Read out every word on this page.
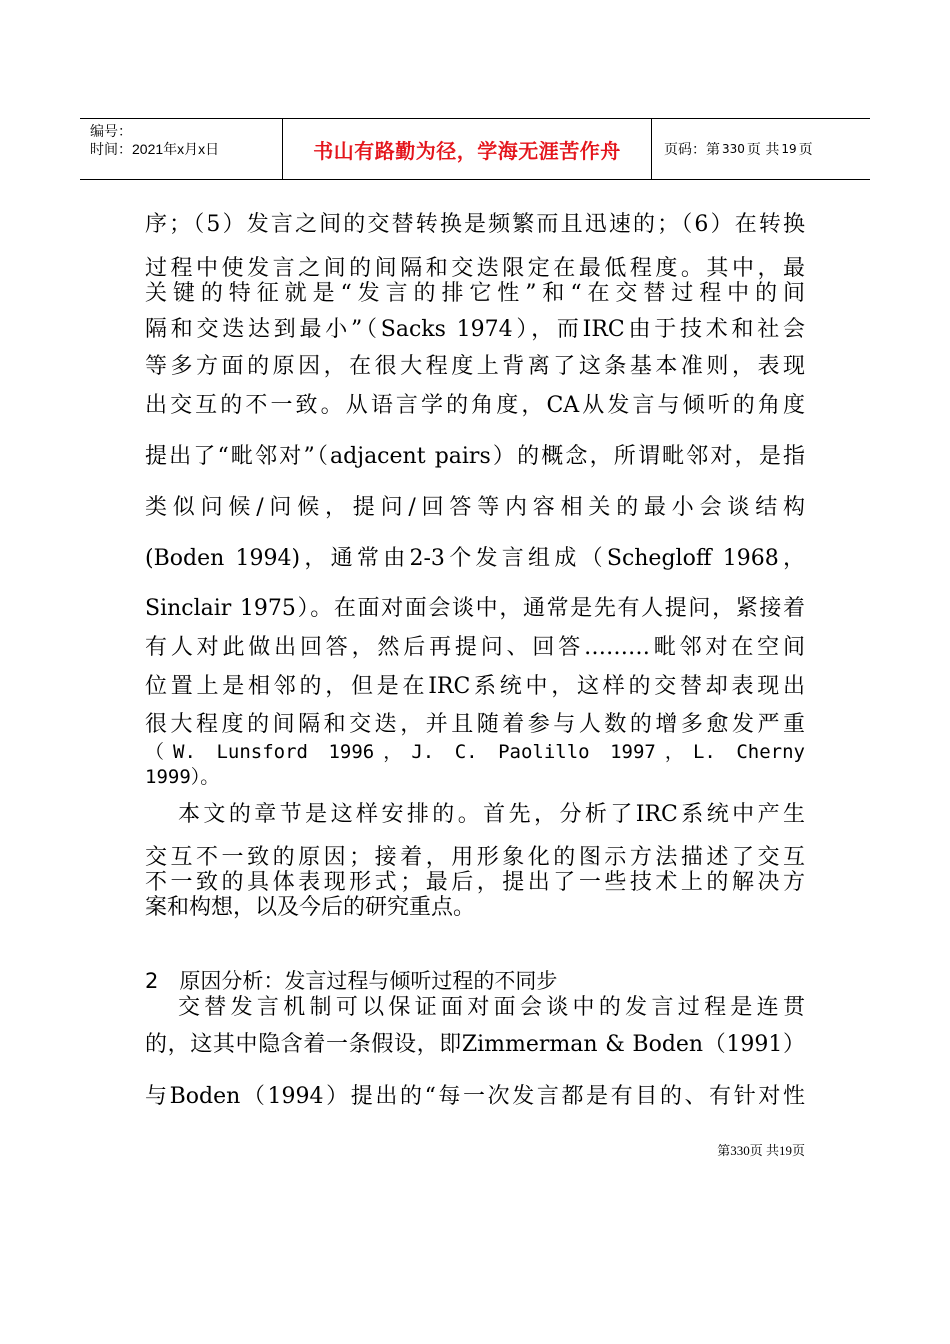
编号：
时间：2021年x月x日	书山有路勤为径，学海无涯苦作舟	页码：第 330 页 共 19 页
序；（5）发言之间的交替转换是频繁而且迅速的；（6）在转换
过程中使发言之间的间隔和交迭限定在最低程度。其中，最
关键的特征就是“发言的排它性”和“在交替过程中的间
隔和交迭达到最小”（Sacks 1974），而IRC由于技术和社会
等多方面的原因，在很大程度上背离了这条基本准则，表现
出交互的不一致。从语言学的角度，CA从发言与倾听的角度
提出了“毗邻对”（adjacent pairs）的概念，所谓毗邻对，是指
类似问候/问候，提问/回答等内容相关的最小会谈结构
(Boden 1994)，通常由2-3个发言组成（Schegloff 1968，
Sinclair 1975）。在面对面会谈中，通常是先有人提问，紧接着
有人对此做出回答，然后再提问、回答………毗邻对在空间
位置上是相邻的，但是在IRC系统中，这样的交替却表现出
很大程度的间隔和交迭，并且随着参与人数的增多愈发严重
（W. Lunsford 1996，J. C. Paolillo 1997，L. Cherny
1999）。
本文的章节是这样安排的。首先，分析了IRC系统中产生
交互不一致的原因；接着，用形象化的图示方法描述了交互
不一致的具体表现形式；最后，提出了一些技术上的解决方
案和构想，以及今后的研究重点。
2　原因分析：发言过程与倾听过程的不同步
交替发言机制可以保证面对面会谈中的发言过程是连贯
的，这其中隐含着一条假设，即Zimmerman & Boden（1991）
与Boden（1994）提出的“每一次发言都是有目的、有针对性
第330页 共19页
